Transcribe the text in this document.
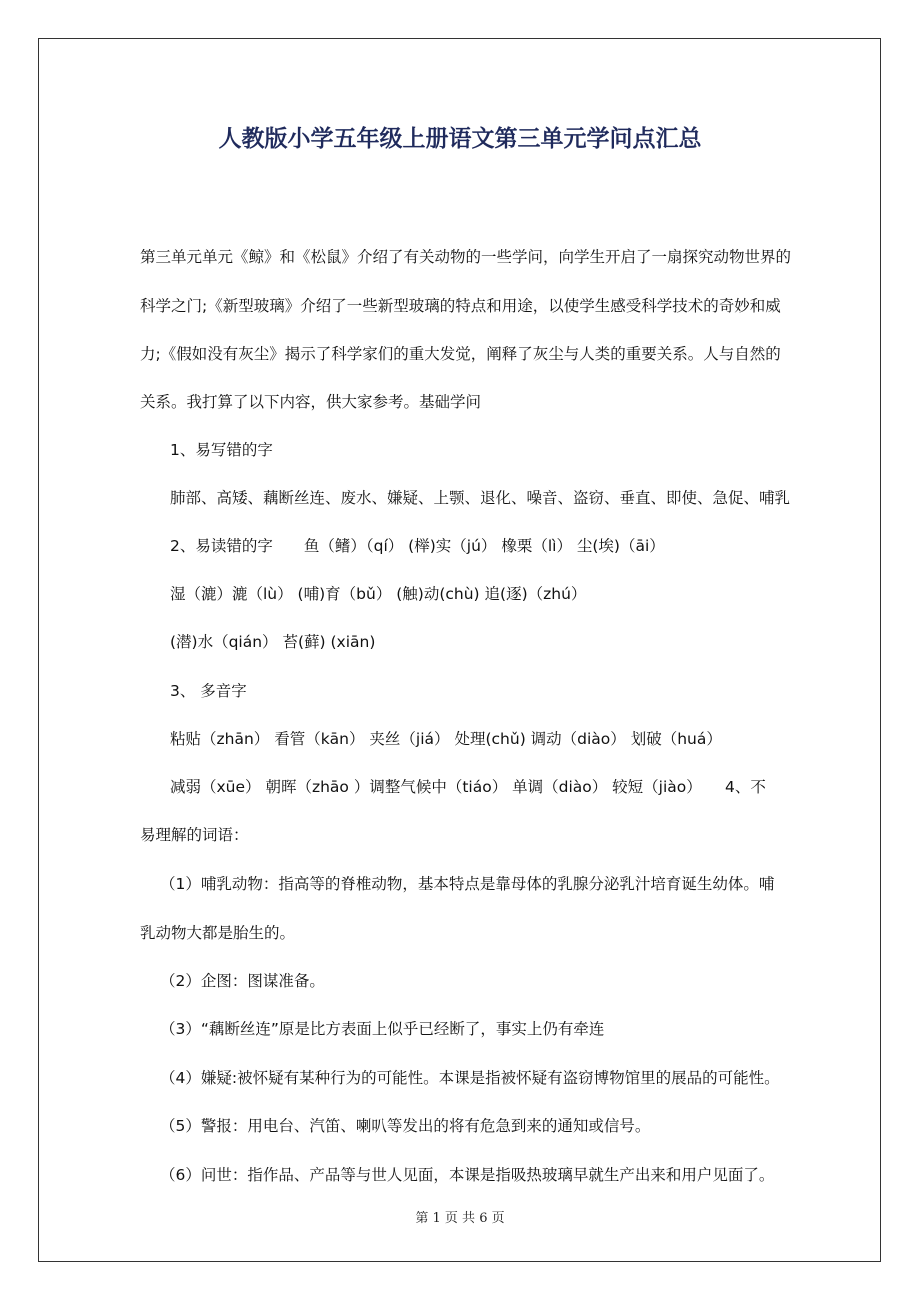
人教版小学五年级上册语文第三单元学问点汇总
第三单元单元《鲸》和《松鼠》介绍了有关动物的一些学问，向学生开启了一扇探究动物世界的
科学之门;《新型玻璃》介绍了一些新型玻璃的特点和用途，以使学生感受科学技术的奇妙和威
力;《假如没有灰尘》揭示了科学家们的重大发觉，阐释了灰尘与人类的重要关系。人与自然的
关系。我打算了以下内容，供大家参考。基础学问
1、易写错的字
肺部、高矮、藕断丝连、废水、嫌疑、上颚、退化、噪音、盗窃、垂直、即使、急促、哺乳
2、易读错的字　　鱼（鳍）（qí） (榉)实（jú） 橡栗（lì） 尘(埃)（āi）
湿（漉）漉（lù） (哺)育（bǔ） (触)动(chù) 追(逐)（zhú）
(潜)水（qián） 苔(藓) (xiān)
3、 多音字
粘贴（zhān） 看管（kān） 夹丝（jiá） 处理(chǔ) 调动（diào） 划破（huá）
减弱（xūe） 朝晖（zhāo ）调整气候中（tiáo） 单调（diào） 较短（jiào）　　4、不
易理解的词语：
（1）哺乳动物：指高等的脊椎动物，基本特点是靠母体的乳腺分泌乳汁培育诞生幼体。哺
乳动物大都是胎生的。
（2）企图：图谋准备。
（3）“藕断丝连”原是比方表面上似乎已经断了，事实上仍有牵连
（4）嫌疑:被怀疑有某种行为的可能性。本课是指被怀疑有盗窃博物馆里的展品的可能性。
（5）警报：用电台、汽笛、喇叭等发出的将有危急到来的通知或信号。
（6）问世：指作品、产品等与世人见面，本课是指吸热玻璃早就生产出来和用户见面了。
第 1 页 共 6 页
